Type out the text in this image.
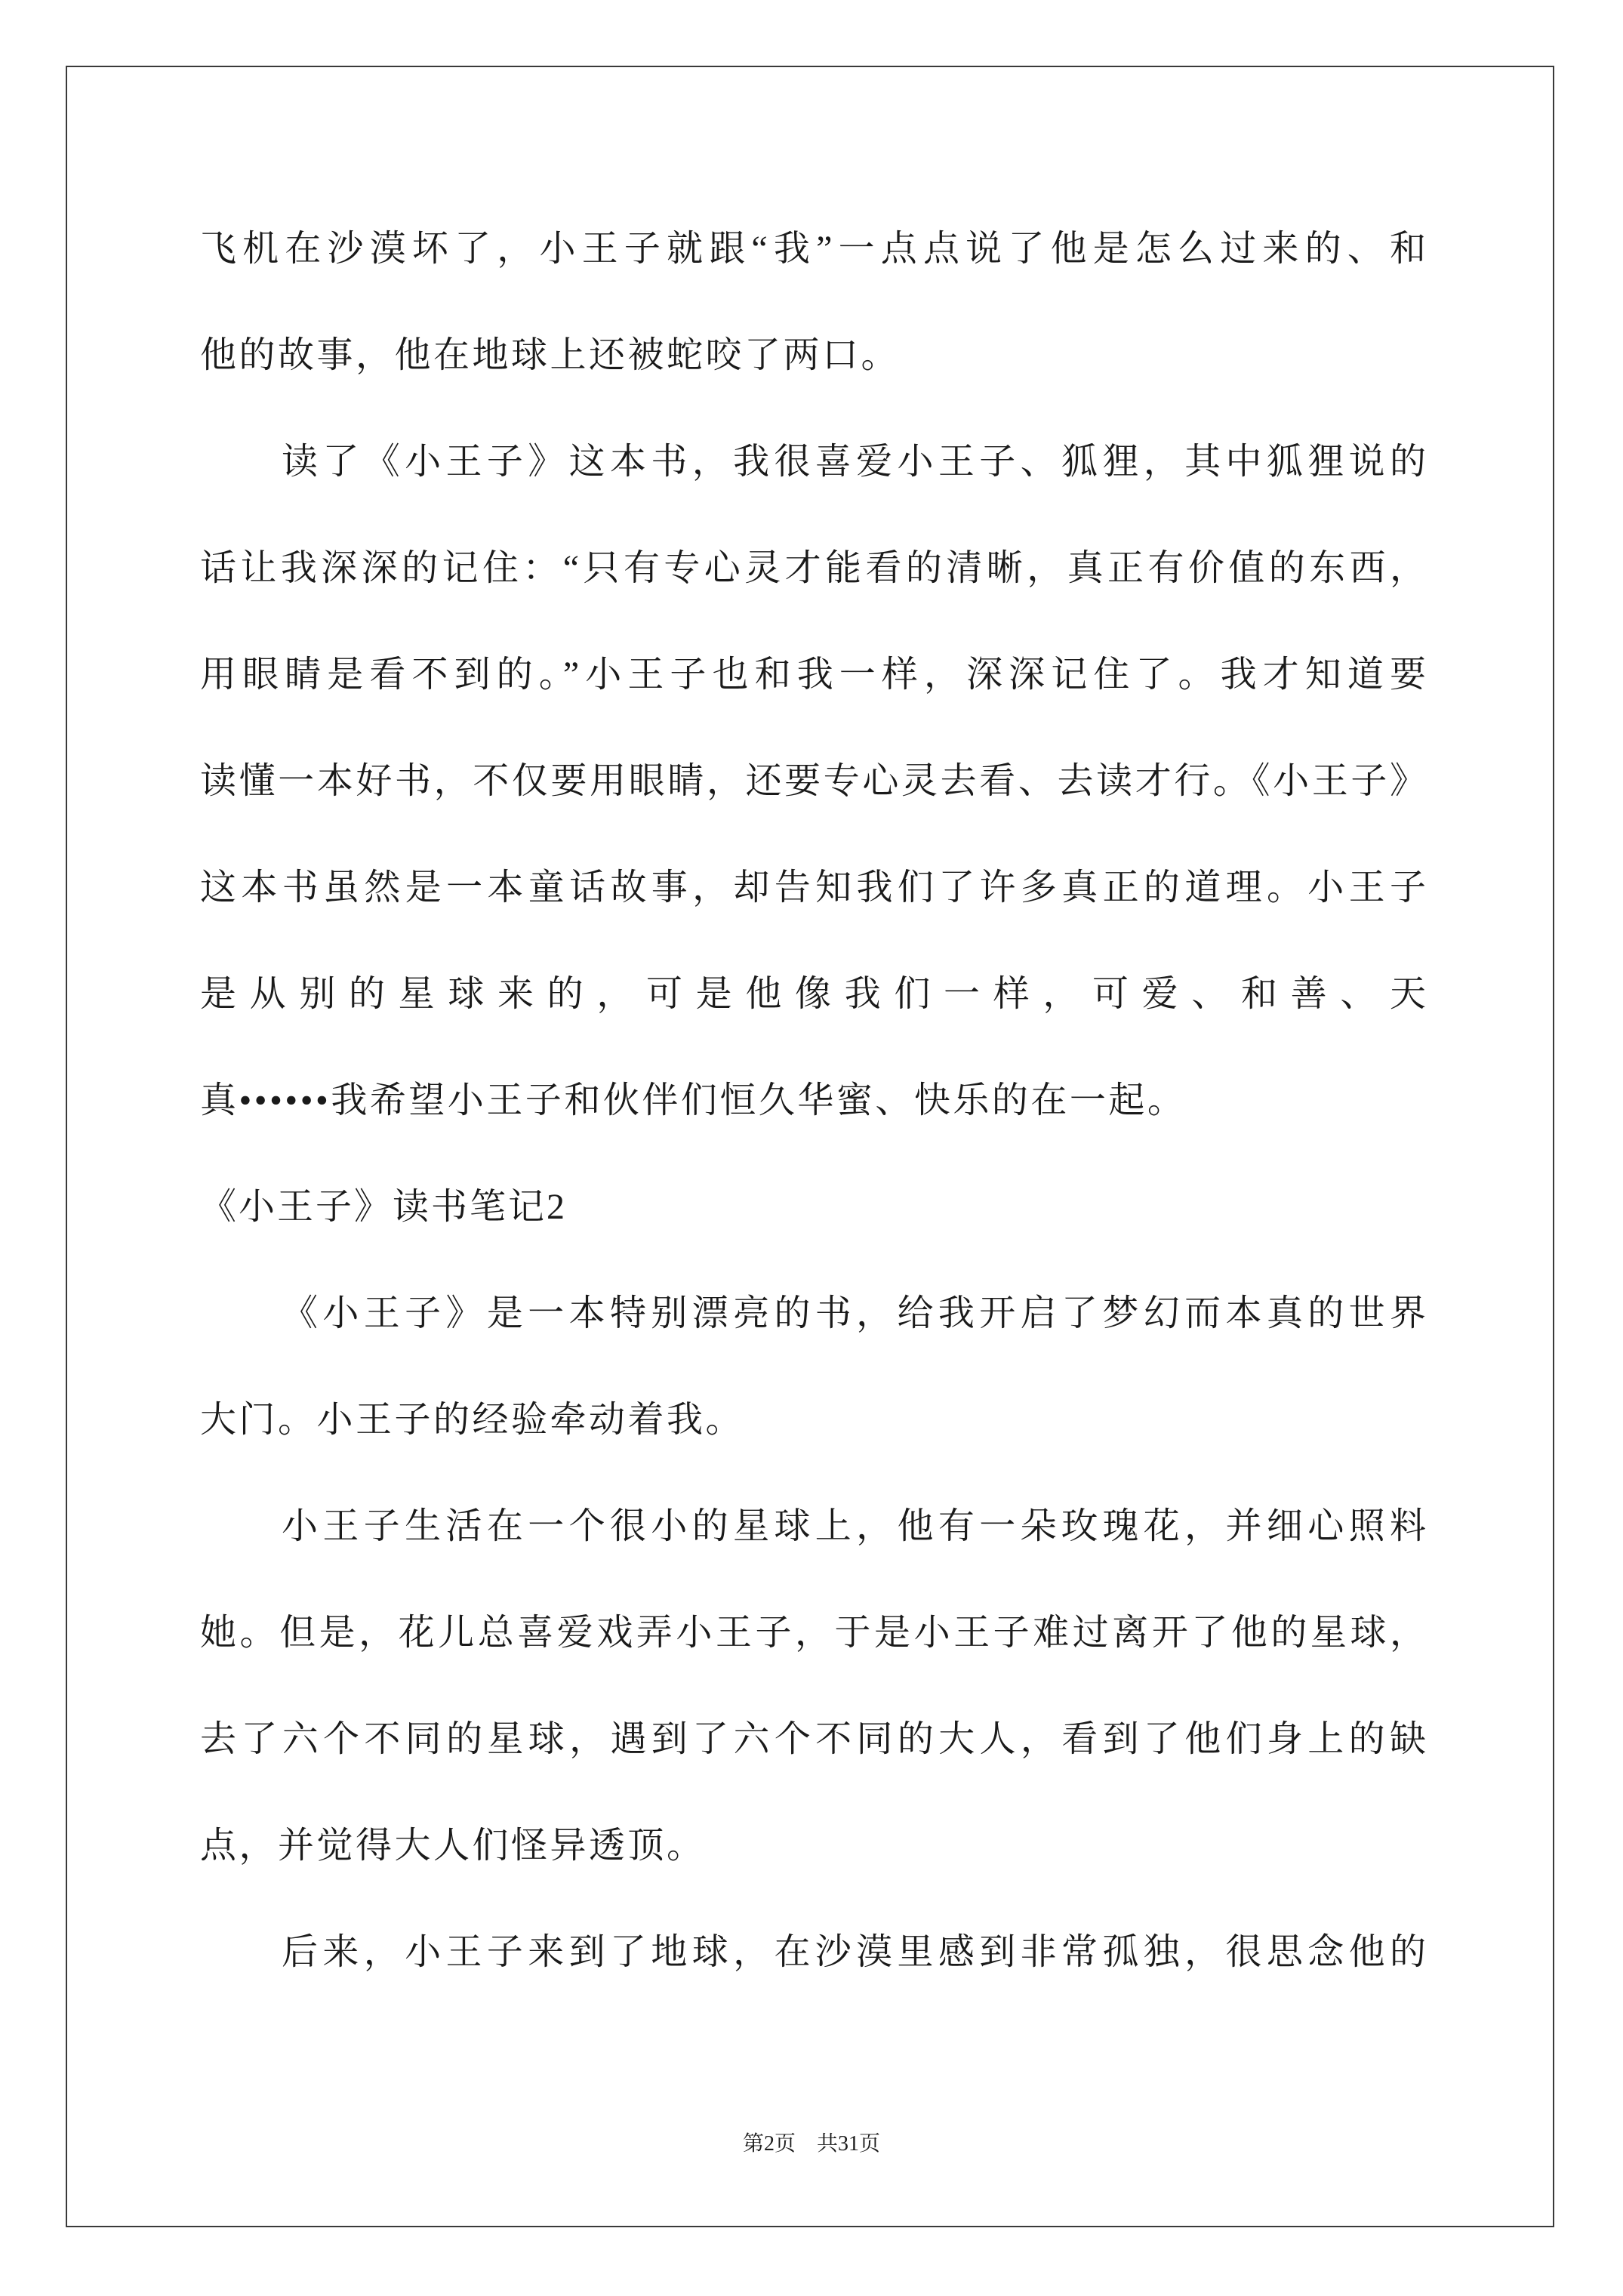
飞机在沙漠坏了，小王子就跟“我”一点点说了他是怎么过来的、和
他的故事，他在地球上还被蛇咬了两口。
读了《小王子》这本书，我很喜爱小王子、狐狸，其中狐狸说的
话让我深深的记住：“只有专心灵才能看的清晰，真正有价值的东西，
用眼睛是看不到的。”小王子也和我一样，深深记住了。我才知道要
读懂一本好书，不仅要用眼睛，还要专心灵去看、去读才行。《小王子》
这本书虽然是一本童话故事，却告知我们了许多真正的道理。小王子
是从别的星球来的，可是他像我们一样，可爱、和善、天
真••••••我希望小王子和伙伴们恒久华蜜、快乐的在一起。
《小王子》读书笔记2
《小王子》是一本特别漂亮的书，给我开启了梦幻而本真的世界
大门。小王子的经验牵动着我。
小王子生活在一个很小的星球上，他有一朵玫瑰花，并细心照料
她。但是，花儿总喜爱戏弄小王子，于是小王子难过离开了他的星球，
去了六个不同的星球，遇到了六个不同的大人，看到了他们身上的缺
点，并觉得大人们怪异透顶。
后来，小王子来到了地球，在沙漠里感到非常孤独，很思念他的
第2页　共31页
